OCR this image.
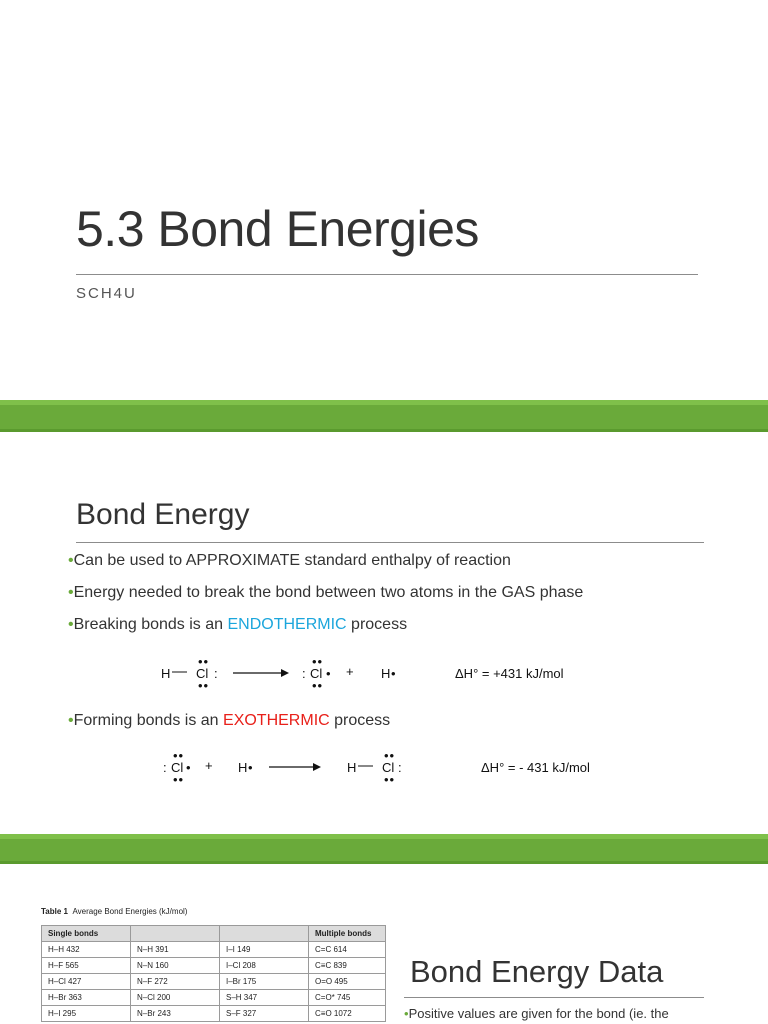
5.3 Bond Energies
SCH4U
Bond Energy
•Can be used to APPROXIMATE standard enthalpy of reaction
•Energy needed to break the bond between two atoms in the GAS phase
•Breaking bonds is an ENDOTHERMIC process
H — Cl
••
••
: → : Cl
••
••
• + H •	ΔH° = +431 kJ/mol
•Forming bonds is an EXOTHERMIC process
: Cl
••
••
• + H • → H — Cl
••
••
:	ΔH° = - 431 kJ/mol
Table 1 Average Bond Energies (kJ/mol)
Single bonds			Multiple bonds
H–H 432	N–H 391	I–I 149	C=C 614
H–F 565	N–N 160	I–Cl 208	C≡C 839
H–Cl 427	N–F 272	I–Br 175	O=O 495
H–Br 363	N–Cl 200	S–H 347	C=O* 745
H–I 295	N–Br 243	S–F 327	C≡O 1072
Bond Energy Data
•Positive values are given for the bond (ie. the
